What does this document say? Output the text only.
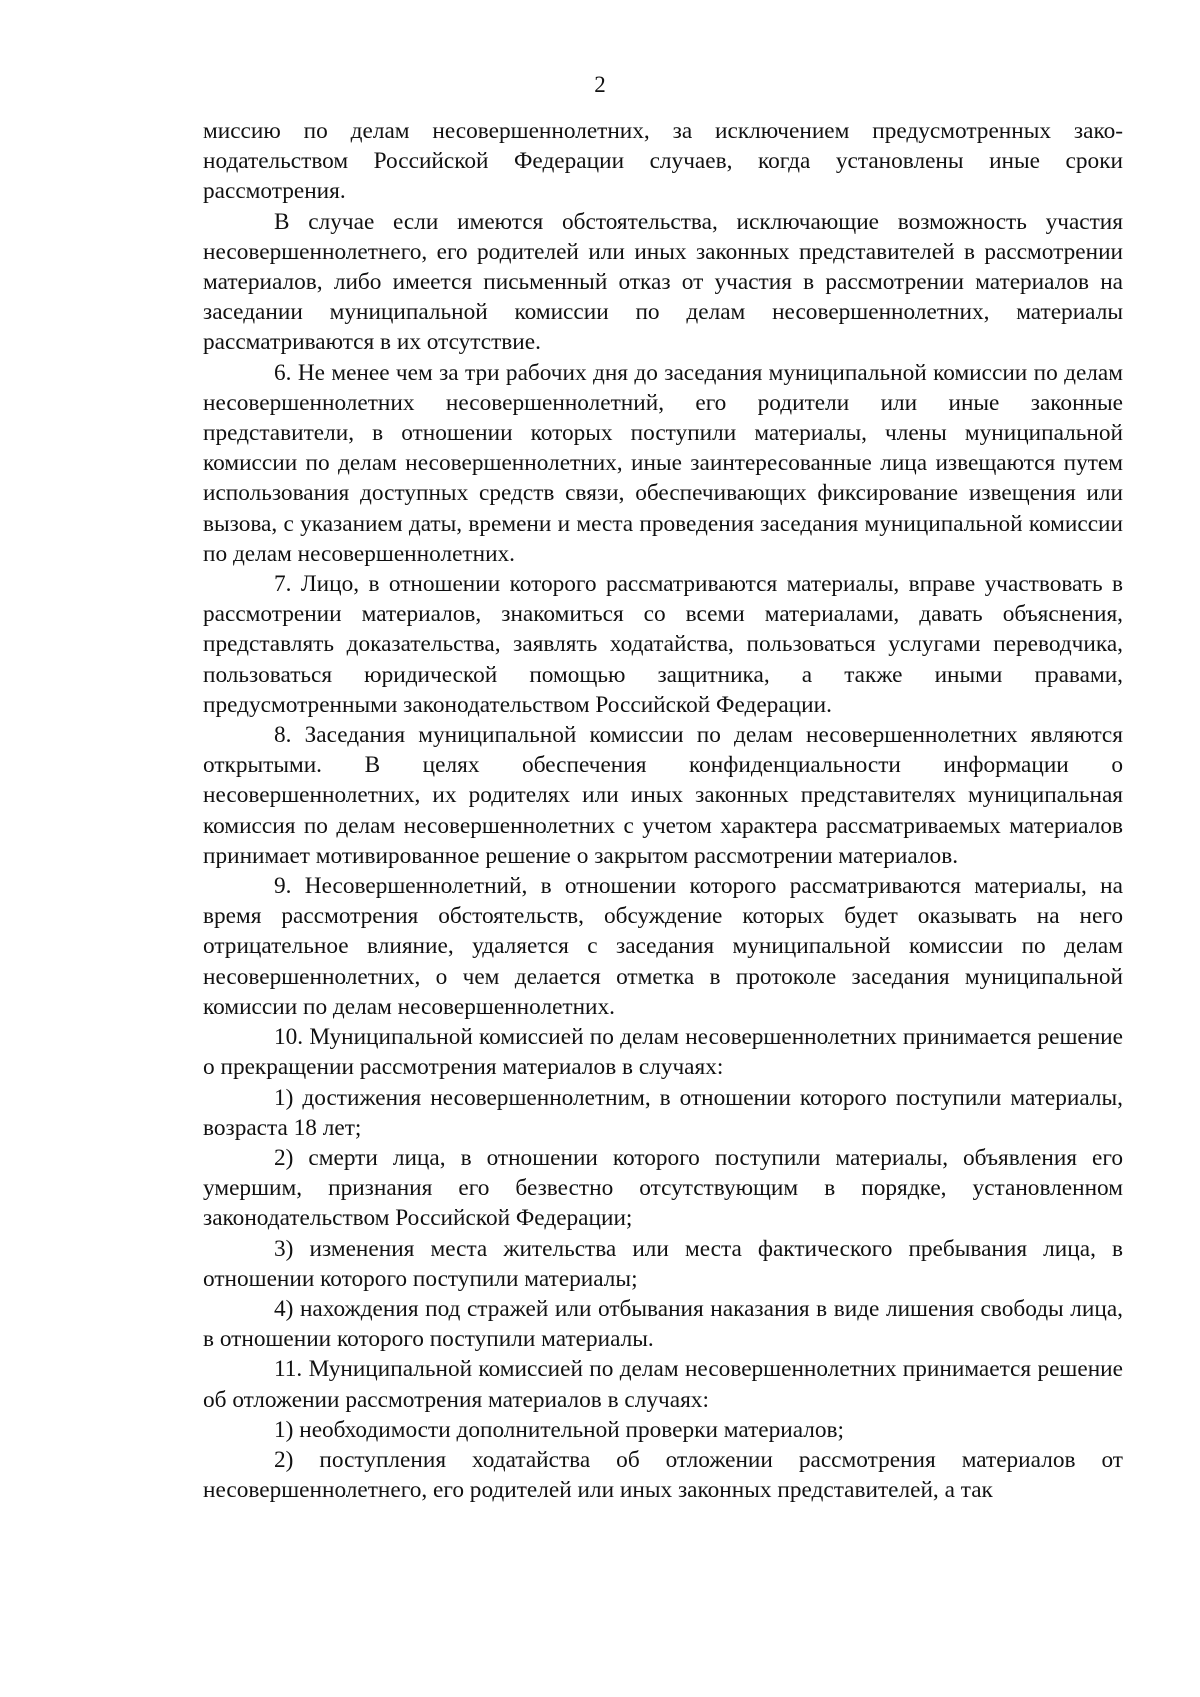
2

миссию по делам несовершеннолетних, за исключением предусмотренных законодательством Российской Федерации случаев, когда установлены иные сроки рассмотрения.

В случае если имеются обстоятельства, исключающие возможность участия несовершеннолетнего, его родителей или иных законных представителей в рассмотрении материалов, либо имеется письменный отказ от участия в рассмотрении материалов на заседании муниципальной комиссии по делам несовершеннолетних, материалы рассматриваются в их отсутствие.

6. Не менее чем за три рабочих дня до заседания муниципальной комиссии по делам несовершеннолетних несовершеннолетний, его родители или иные законные представители, в отношении которых поступили материалы, члены муниципальной комиссии по делам несовершеннолетних, иные заинтересованные лица извещаются путем использования доступных средств связи, обеспечивающих фиксирование извещения или вызова, с указанием даты, времени и места проведения заседания муниципальной комиссии по делам несовершеннолетних.

7. Лицо, в отношении которого рассматриваются материалы, вправе участвовать в рассмотрении материалов, знакомиться со всеми материалами, давать объяснения, представлять доказательства, заявлять ходатайства, пользоваться услугами переводчика, пользоваться юридической помощью защитника, а также иными правами, предусмотренными законодательством Российской Федерации.

8. Заседания муниципальной комиссии по делам несовершеннолетних являются открытыми. В целях обеспечения конфиденциальности информации о несовершеннолетних, их родителях или иных законных представителях муниципальная комиссия по делам несовершеннолетних с учетом характера рассматриваемых материалов принимает мотивированное решение о закрытом рассмотрении материалов.

9. Несовершеннолетний, в отношении которого рассматриваются материалы, на время рассмотрения обстоятельств, обсуждение которых будет оказывать на него отрицательное влияние, удаляется с заседания муниципальной комиссии по делам несовершеннолетних, о чем делается отметка в протоколе заседания муниципальной комиссии по делам несовершеннолетних.

10. Муниципальной комиссией по делам несовершеннолетних принимается решение о прекращении рассмотрения материалов в случаях:

1) достижения несовершеннолетним, в отношении которого поступили материалы, возраста 18 лет;

2) смерти лица, в отношении которого поступили материалы, объявления его умершим, признания его безвестно отсутствующим в порядке, установленном законодательством Российской Федерации;

3) изменения места жительства или места фактического пребывания лица, в отношении которого поступили материалы;

4) нахождения под стражей или отбывания наказания в виде лишения свободы лица, в отношении которого поступили материалы.

11. Муниципальной комиссией по делам несовершеннолетних принимается решение об отложении рассмотрения материалов в случаях:

1) необходимости дополнительной проверки материалов;

2) поступления ходатайства об отложении рассмотрения материалов от несовершеннолетнего, его родителей или иных законных представителей, а так
